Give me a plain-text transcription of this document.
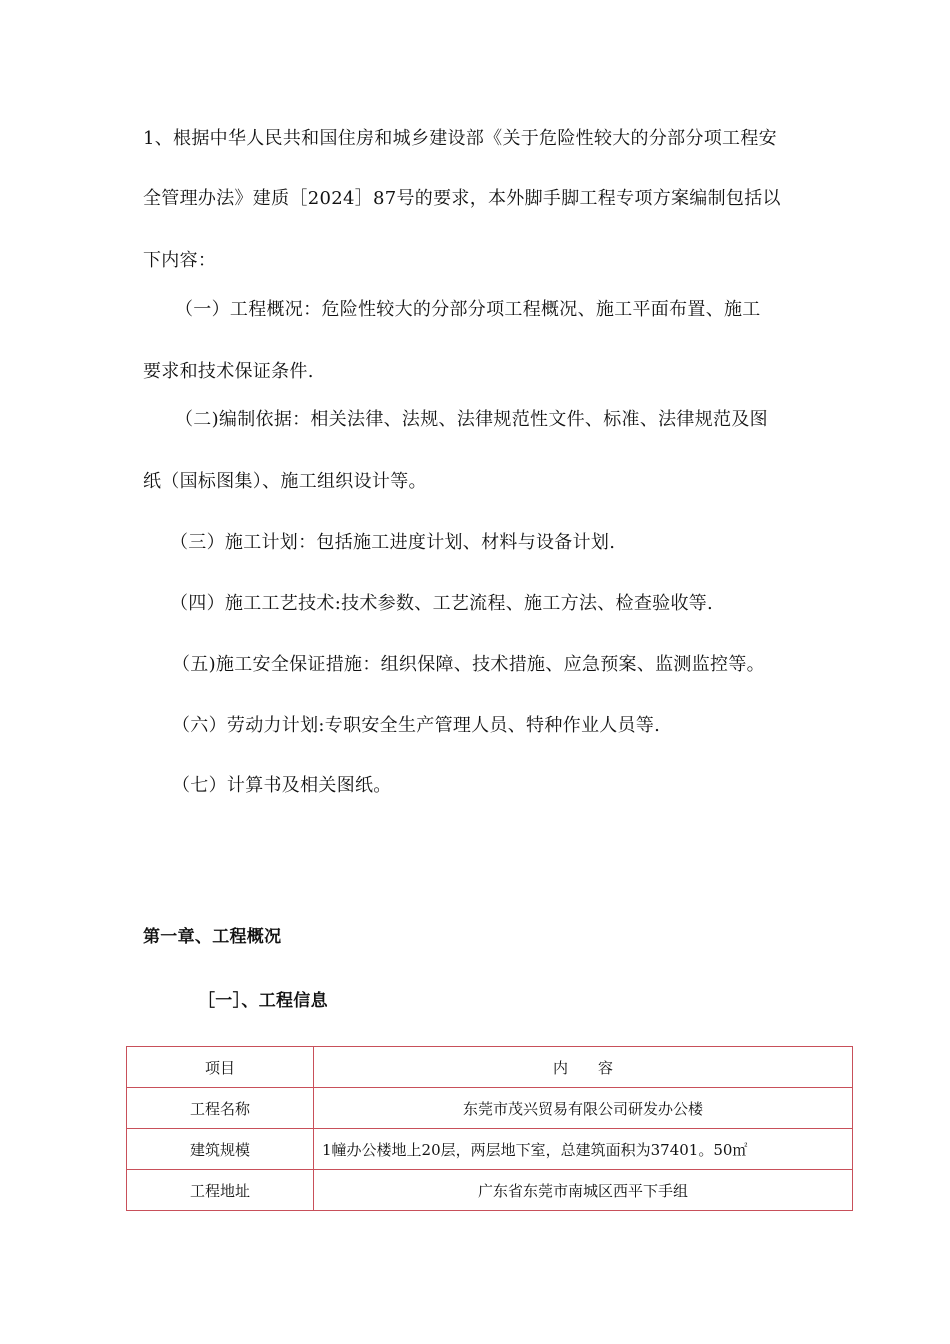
1、根据中华人民共和国住房和城乡建设部《关于危险性较大的分部分项工程安
全管理办法》建质［2024］87号的要求，本外脚手脚工程专项方案编制包括以
下内容：
（一）工程概况：危险性较大的分部分项工程概况、施工平面布置、施工
要求和技术保证条件.
（二)编制依据：相关法律、法规、法律规范性文件、标准、法律规范及图
纸（国标图集）、施工组织设计等。
（三）施工计划：包括施工进度计划、材料与设备计划.
（四）施工工艺技术:技术参数、工艺流程、施工方法、检查验收等.
（五)施工安全保证措施：组织保障、技术措施、应急预案、监测监控等。
（六）劳动力计划:专职安全生产管理人员、特种作业人员等.
（七）计算书及相关图纸。
第一章、工程概况
［一］、工程信息
项目	内　　容
工程名称	东莞市茂兴贸易有限公司研发办公楼
建筑规模	1幢办公楼地上20层，两层地下室，总建筑面积为37401。50㎡
工程地址	广东省东莞市南城区西平下手组
